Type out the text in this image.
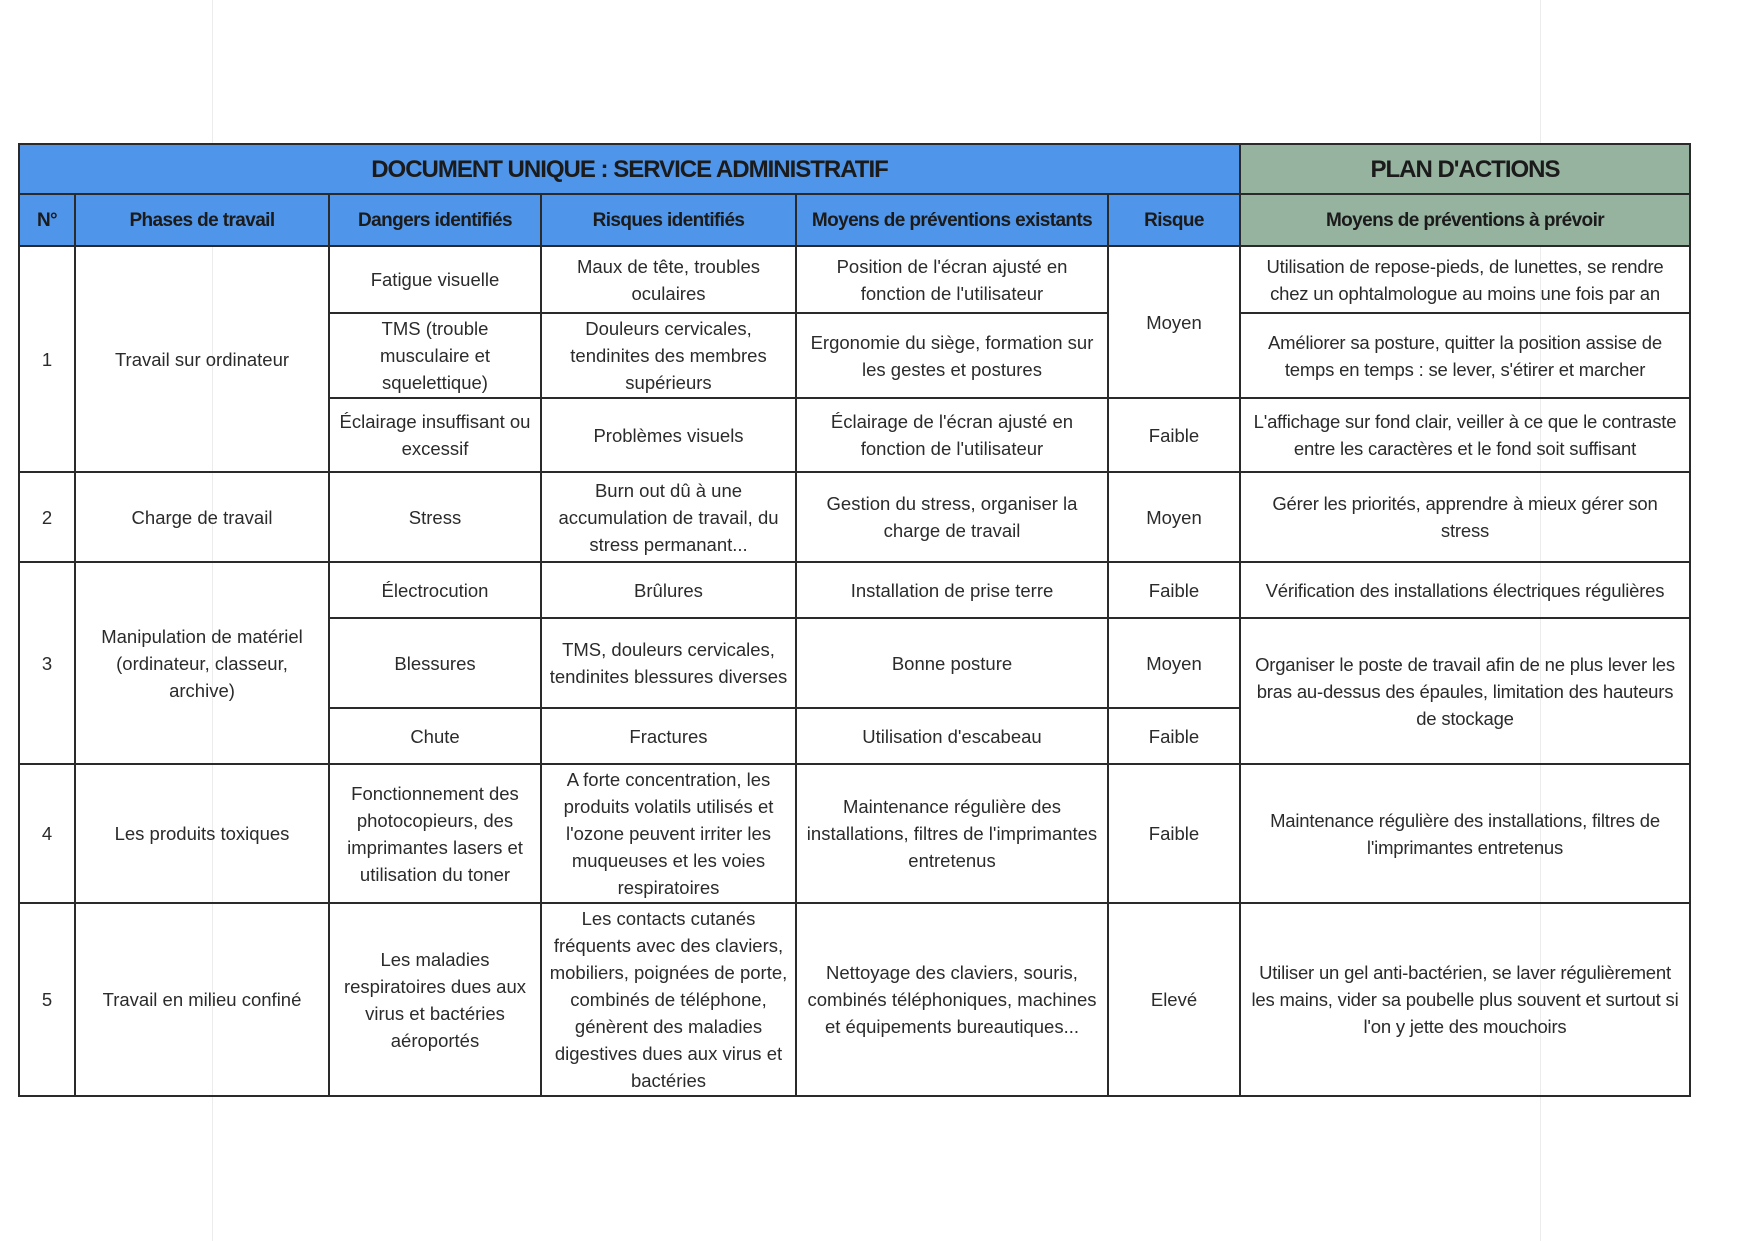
DOCUMENT UNIQUE : SERVICE ADMINISTRATIF						PLAN D'ACTIONS
N°	Phases de travail	Dangers identifiés	Risques identifiés	Moyens de préventions existants	Risque	Moyens de préventions à prévoir
1	Travail sur ordinateur	Fatigue visuelle	Maux de tête, troubles oculaires	Position de l'écran ajusté en fonction de l'utilisateur	Moyen	Utilisation de repose-pieds, de lunettes, se rendre chez un ophtalmologue au moins une fois par an
		TMS (trouble musculaire et squelettique)	Douleurs cervicales, tendinites des membres supérieurs	Ergonomie du siège, formation sur les gestes et postures		Améliorer sa posture, quitter la position assise de temps en temps : se lever, s'étirer et marcher
		Éclairage insuffisant ou excessif	Problèmes visuels	Éclairage de l'écran ajusté en fonction de l'utilisateur	Faible	L'affichage sur fond clair, veiller à ce que le contraste entre les caractères et le fond soit suffisant
2	Charge de travail	Stress	Burn out dû à une accumulation de travail, du stress permanant...	Gestion du stress, organiser la charge de travail	Moyen	Gérer les priorités, apprendre à mieux gérer son stress
3	Manipulation de matériel (ordinateur, classeur, archive)	Électrocution	Brûlures	Installation de prise terre	Faible	Vérification des installations électriques régulières
		Blessures	TMS, douleurs cervicales, tendinites blessures diverses	Bonne posture	Moyen	Organiser le poste de travail afin de ne plus lever les bras au-dessus des épaules, limitation des hauteurs de stockage
		Chute	Fractures	Utilisation d'escabeau	Faible	
4	Les produits toxiques	Fonctionnement des photocopieurs, des imprimantes lasers et utilisation du toner	A forte concentration, les produits volatils utilisés et l'ozone peuvent irriter les muqueuses et les voies respiratoires	Maintenance régulière des installations, filtres de l'imprimantes entretenus	Faible	Maintenance régulière des installations, filtres de l'imprimantes entretenus
5	Travail en milieu confiné	Les maladies respiratoires dues aux virus et bactéries aéroportés	Les contacts cutanés fréquents avec des claviers, mobiliers, poignées de porte, combinés de téléphone, génèrent des maladies digestives dues aux virus et bactéries	Nettoyage des claviers, souris, combinés téléphoniques, machines et équipements bureautiques...	Elevé	Utiliser un gel anti-bactérien, se laver régulièrement les mains, vider sa poubelle plus souvent et surtout si l'on y jette des mouchoirs
